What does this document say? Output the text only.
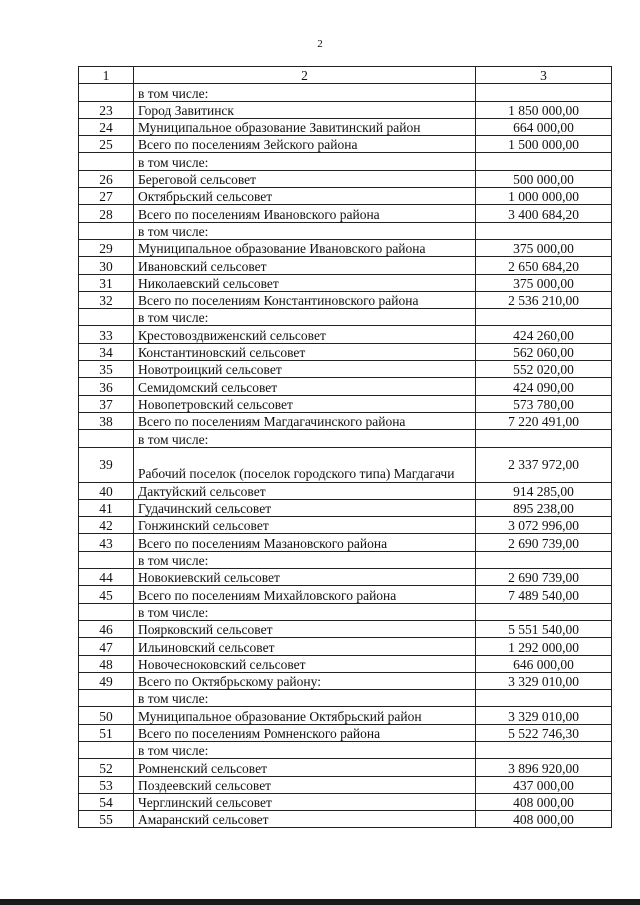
2
1	2	3
	в том числе:	
23	Город Завитинск	1 850 000,00
24	Муниципальное образование Завитинский район	664 000,00
25	Всего по поселениям Зейского района	1 500 000,00
	в том числе:	
26	Береговой сельсовет	500 000,00
27	Октябрьский сельсовет	1 000 000,00
28	Всего по поселениям Ивановского района	3 400 684,20
	в том числе:	
29	Муниципальное образование Ивановского района	375 000,00
30	Ивановский сельсовет	2 650 684,20
31	Николаевский сельсовет	375 000,00
32	Всего по поселениям Константиновского района	2 536 210,00
	в том числе:	
33	Крестовоздвиженский сельсовет	424 260,00
34	Константиновский сельсовет	562 060,00
35	Новотроицкий сельсовет	552 020,00
36	Семидомский сельсовет	424 090,00
37	Новопетровский сельсовет	573 780,00
38	Всего по поселениям Магдагачинского района	7 220 491,00
	в том числе:	
39	Рабочий поселок (поселок городского типа) Магдагачи	2 337 972,00
40	Дактуйский сельсовет	914 285,00
41	Гудачинский сельсовет	895 238,00
42	Гонжинский сельсовет	3 072 996,00
43	Всего по поселениям Мазановского района	2 690 739,00
	в том числе:	
44	Новокиевский сельсовет	2 690 739,00
45	Всего по поселениям Михайловского района	7 489 540,00
	в том числе:	
46	Поярковский сельсовет	5 551 540,00
47	Ильиновский сельсовет	1 292 000,00
48	Новочесноковский сельсовет	646 000,00
49	Всего по Октябрьскому району:	3 329 010,00
	в том числе:	
50	Муниципальное образование Октябрьский район	3 329 010,00
51	Всего по поселениям Ромненского района	5 522 746,30
	в том числе:	
52	Ромненский сельсовет	3 896 920,00
53	Поздеевский сельсовет	437 000,00
54	Черглинский сельсовет	408 000,00
55	Амаранский сельсовет	408 000,00
